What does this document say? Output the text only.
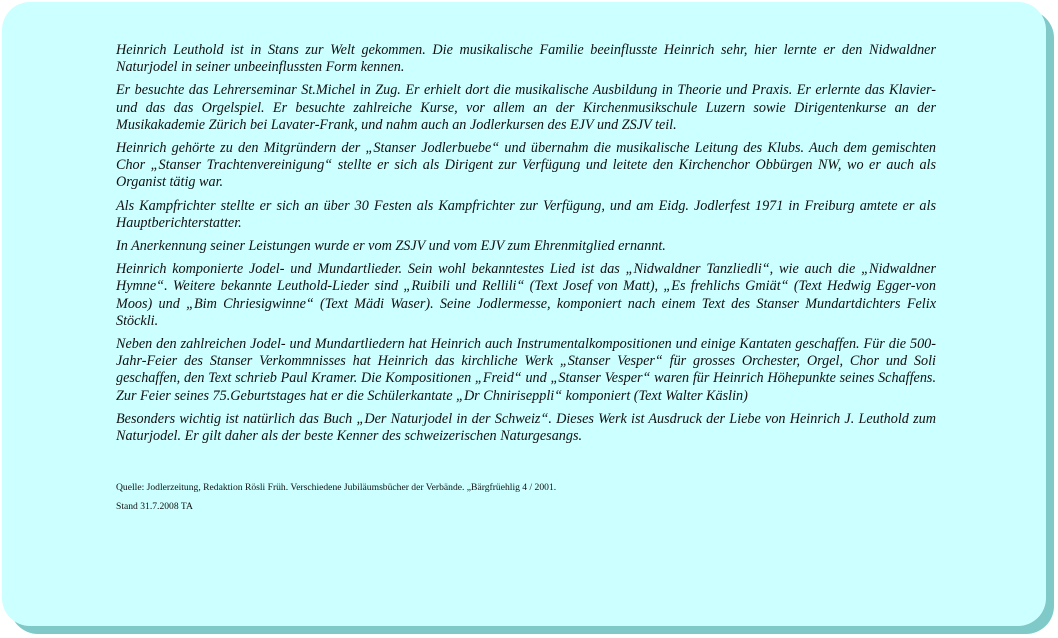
Heinrich Leuthold ist in Stans zur Welt gekommen. Die musikalische Familie beeinflusste Heinrich sehr, hier lernte er den Nidwaldner Naturjodel in seiner unbeeinflussten Form kennen.

Er besuchte das Lehrerseminar St.Michel in Zug. Er erhielt dort die musikalische Ausbildung in Theorie und Praxis. Er erlernte das Klavier- und das das Orgelspiel. Er besuchte zahlreiche Kurse, vor allem an der Kirchenmusikschule Luzern sowie Dirigentenkurse an der Musikakademie Zürich bei Lavater-Frank, und nahm auch an Jodlerkursen des EJV und ZSJV teil.

Heinrich gehörte zu den Mitgründern der „Stanser Jodlerbuebe“ und übernahm die musikalische Leitung des Klubs. Auch dem gemischten Chor „Stanser Trachtenvereinigung“ stellte er sich als Dirigent zur Verfügung und leitete den Kirchenchor Obbürgen NW, wo er auch als Organist tätig war.

Als Kampfrichter stellte er sich an über 30 Festen als Kampfrichter zur Verfügung, und am Eidg. Jodlerfest 1971 in Freiburg amtete er als Hauptberichterstatter.

In Anerkennung seiner Leistungen wurde er vom ZSJV und vom EJV zum Ehrenmitglied ernannt.

Heinrich komponierte Jodel- und Mundartlieder. Sein wohl bekanntestes Lied ist das „Nidwaldner Tanzliedli“, wie auch die „Nidwaldner Hymne“. Weitere bekannte Leuthold-Lieder sind „Ruibili und Rellili“ (Text Josef von Matt), „Es frehlichs Gmiät“ (Text Hedwig Egger-von Moos) und „Bim Chriesigwinne“ (Text Mädi Waser). Seine Jodlermesse, komponiert nach einem Text des Stanser Mundartdichters Felix Stöckli.

Neben den zahlreichen Jodel- und Mundartliedern hat Heinrich auch Instrumentalkompositionen und einige Kantaten geschaffen. Für die 500-Jahr-Feier des Stanser Verkommnisses hat Heinrich das kirchliche Werk „Stanser Vesper“ für grosses Orchester, Orgel, Chor und Soli geschaffen, den Text schrieb Paul Kramer. Die Kompositionen „Freid“ und „Stanser Vesper“ waren für Heinrich Höhepunkte seines Schaffens. Zur Feier seines 75.Geburtstages hat er die Schülerkantate „Dr Chniriseppli“ komponiert (Text Walter Käslin)

Besonders wichtig ist natürlich das Buch „Der Naturjodel in der Schweiz“. Dieses Werk ist Ausdruck der Liebe von Heinrich J. Leuthold zum Naturjodel. Er gilt daher als der beste Kenner des schweizerischen Naturgesangs.

Quelle: Jodlerzeitung, Redaktion Rösli Früh. Verschiedene Jubiläumsbücher der Verbände. „Bärgfrüehlig 4 / 2001.

Stand 31.7.2008 TA
